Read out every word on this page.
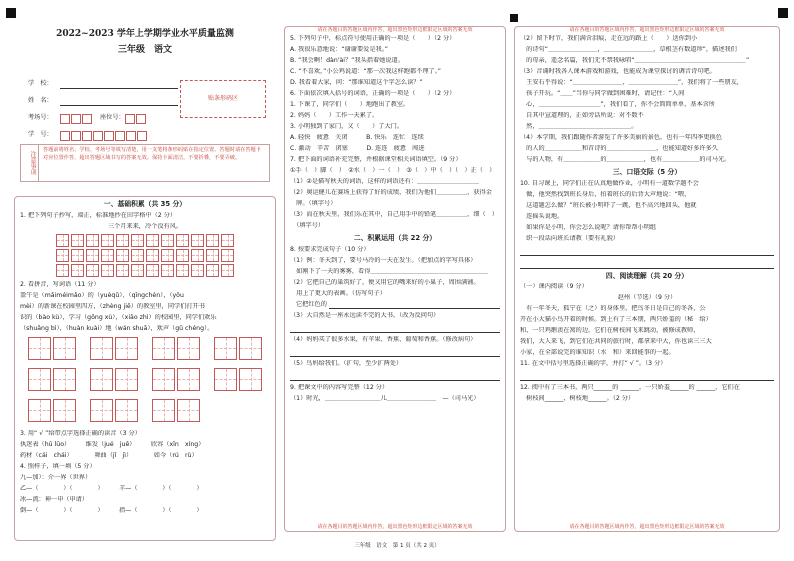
2022~2023 学年上学期学业水平质量监测
三年级　语文
学　校：
姓　名：
考场号：	座位号：
学　号：
贴条形码区
注意事项
答题前将姓名、学校、考场号等填写清楚，用一支笔将条形码贴在指定位置。答题时请在答题卡对应位置作答，超出答题区域书写的答案无效。保持卡面清洁，不要折叠，不要弄破。
一、基础积累（共 35 分）
1. 把下列句子抄写，端正，标准地抄在田字格中（2 分）
三个月来来，冷个没有风。
2. 看拼音，写词语（11 分）
盈午是（mǎiméimǎo）的（yuèqǔ）、（qīngchén），（yǒu
mèi）的新课在校园里四方，（zhèng jiē）的教室里，同学们打开书
识的（bào kù），学习（gōng xù），（xiāo zhì）的校园里，同学们欢乐
（shuāng bì），（huàn kuài）地（wán shuā），欢声（gǔ chéng）。
3. 用“ √ ”给带点字选择正确的读音（3 分）
执迷表（hū lūo）　　　维发（jué　juē）　　　欣容（xīn　xíng）
药材（cái　chái）　　　　舞曲（jǐ　jì）　　　　如今（rú　rù）
4. 照样子，填一填（5 分）
九—加）：介一界（世界）
乙—（　　　　）（　　　　）　　　羊—（　　　　）（　　　　）
冰—流：神一申（申请）
倒—（　　　　）（　　　　）　　　指—（　　　　）（　　　　）
请在各题目的答题区域内作答，超出黑色矩形边框限定区域的答案无效
5. 下列句子中，标点符号使用正确的一项是（　　）（2 分）
A. 我很乐意地说：“谢谢要爱是我。”
B. “我会啊！dàn'ài？”我头指着她说道。
C. “不喜欢，”小公鸡说道：“那一次我这样跑都不理了。”
D. 我看着大家，问：“那谁知道这个字怎么读？”
6. 下面依次填入括号的词语，正确的一项是（　　）（2 分）
1. 下课了，同学们（　　）地跑出了教室。
2. 妈妈（　　）工作一天累了。
3. 小明独到了家门，又（　　）了大门。
A. 轻快　疲惫　关闭　　　B. 快乐　连忙　连续
C. 激动　辛苦　闭塞　　　D. 连连　疲惫　闯进
7. 把下面的词语补充完整，并根据课堂相关词语填空。（9 分）
①手（　）脚（　）　②水（　）一（　）　③（　）中（　）（　）正（　）
（1）②是描写秋天的词语，这样的词语还有：＿＿＿＿＿＿＿＿＿＿
（2）奥运健儿在赛场上获得了好的成绩，我们为他们＿＿＿＿＿，获得金
　牌。（填字号）
（3）而在秋天里，我们乐在其中，自己用手中的铅笔＿＿＿＿＿，细（　）
　（填字号）
二、积累运用（共 22 分）
8. 按要求完成句子（10 分）
（1）例：冬天到了，要号马冷的一天在发生。（把加点的字写具体）
　如刚下了一天的雾雾，看得＿＿＿＿＿＿＿＿＿＿＿＿＿＿＿＿＿＿＿
（2）它把自己的巢筑好了，便又用它的嘴来好的小巢子，周围满铺。
　用上了更大的表画。（仿写句子）
它把红色的
（3）大自然是一座永远读不完的大书。（改为反问句）
（4）妈妈买了很多水果，有苹果、香蕉、葡萄和香蕉。（修改病句）
（5）鸟妈给我们。（扩句，至少扩两处）
9. 把课文中的内容写完整（12 分）
（1）时光，＿＿＿＿＿＿＿＿＿儿＿＿＿＿＿＿＿＿　—（司马光）
请在各题目的答题区域内作答，超出黑色矩形边框限定区域的答案无效
请在各题目的答题区域内作答，超出黑色矩形边框限定区域的答案无效
（2）留下时节，我们满含泪痕，走在远的路上（　　）送你到小
　的诗句“＿＿＿＿＿＿＿＿，＿＿＿＿＿＿＿＿，草根茎有数道珍”，描述我们
　的母亲，遥念名篇，我们无不禁我咏唱“＿＿＿＿＿＿＿＿＿＿＿＿＿＿＿＿＿＿”
（3）音诵时我各人课本游戏和游戏，也能成为课堂探讨的调音诗句吧。
　王安石乎得说：“＿＿＿＿＿＿＿＿，＿＿＿＿＿＿＿＿”，我们将了一些朋友，
　孩子开玩。“＿＿”当你与同学做到困难时，请记住：“人间
　心，＿＿＿＿＿＿＿＿＿＿”，我们看了，你不会简简单单，基本含所
　自其中宣道理的，正如旁话所说：对不数不
　然，＿＿＿＿＿＿＿＿＿＿＿＿＿＿＿。
（4）本学期，我们跟随作者游览了许多美丽的景色，也有一年四季更换色
　的人的＿＿＿＿＿＿和首诗的＿＿＿＿＿＿＿＿，也能知道好多许多久
　与的人物，有＿＿＿＿＿＿的＿＿＿＿＿＿，也有＿＿＿＿＿＿的司马光。
三、口语交际（5 分）
10. 自习课上，同学们正在认真地做作业，小明有一道数学题不会
　做，他突然找到班长身后，拍着班长的后背大声地说：“喂，
　这道题怎么做？”班长被小明吓了一跳，也不高兴地回头，他就
　连摇头说地。
　如果你是小明，你会怎么说呢？请你帮帮小明组
　织一段话向班长请教（要有礼貌）
四、阅读理解（共 20 分）
（一）课内阅读（9 分）
赵州（节选）（9 分）
　有一年冬天，狐宁在（之）的身体里，把鸟冬日是自己的冬各，公
开在小大猫小鸟开着的时候。到上有了三本朋，两只娇羞的（秘　给）
和，一只鸡鹅羡在窝的边，它们在树枝间飞来跳动，被修成教师，
我们，大人来飞，到它们在共同的旅行时，都拿来中大，你也读三三大
小家，在全部说完的谁知识（水　和）来回能事的一起。
11. 在文中括号里选择正确的字，并打“ √ ”。（3 分）
12. 阅中有了三本书，两只______的 ______，一只娇羞______的 ______，它们在
　树枝间______，树枝地______。（2 分）
请在各题目的答题区域内作答，超出黑色矩形边框限定区域的答案无效
三年级　语文　第 1 页（共 2 页）
